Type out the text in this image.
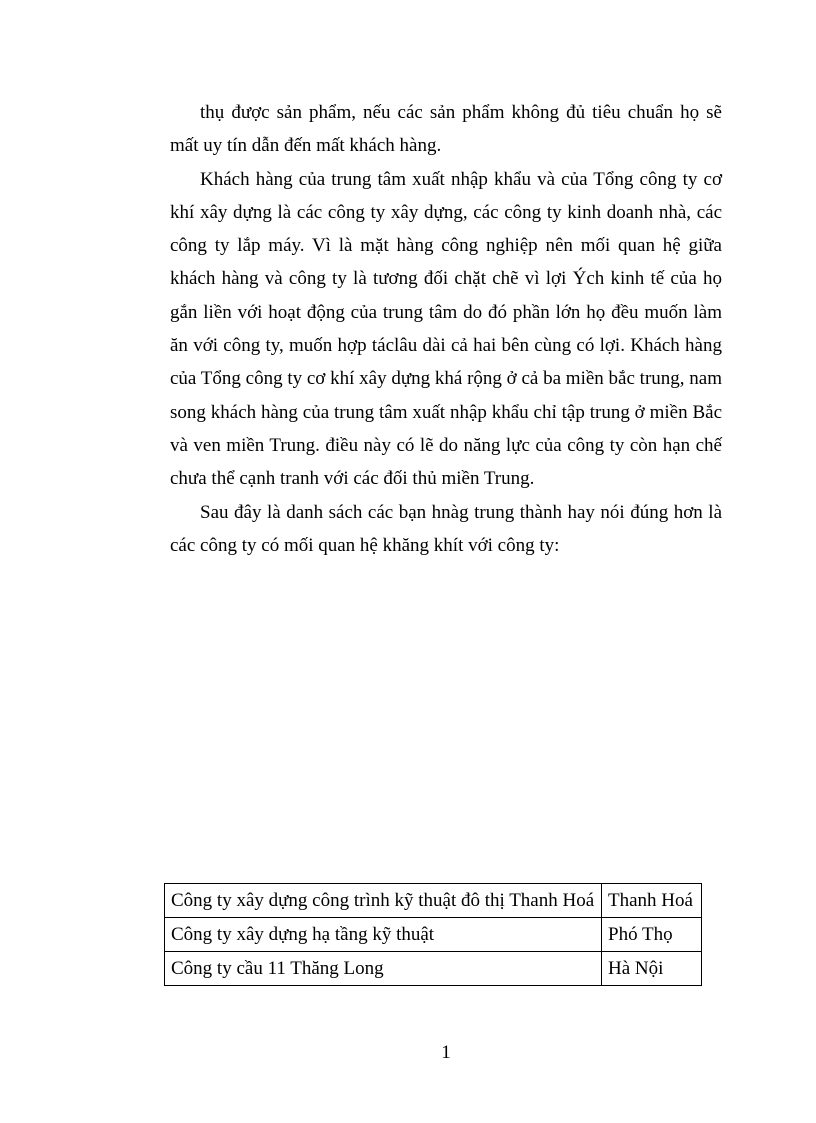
thụ được sản phẩm, nếu các sản phẩm không đủ tiêu chuẩn họ sẽ mất uy tín dẫn đến mất khách hàng.

Khách hàng của trung tâm xuất nhập khẩu và của Tổng công ty cơ khí xây dựng là các công ty xây dựng, các công ty kinh doanh nhà, các công ty lắp máy. Vì là mặt hàng công nghiệp nên mối quan hệ giữa khách hàng và công ty là tương đối chặt chẽ vì lợi Ých kinh tế của họ gắn liền với hoạt động của trung tâm do đó phần lớn họ đều muốn làm ăn với công ty, muốn hợp táclâu dài cả hai bên cùng có lợi. Khách hàng của Tổng công ty cơ khí xây dựng khá rộng ở cả ba miền bắc trung, nam song khách hàng của trung tâm xuất nhập khẩu chỉ tập trung ở miền Bắc và ven miền Trung. điều này có lẽ do năng lực của công ty còn hạn chế chưa thể cạnh tranh với các đối thủ miền Trung.

Sau đây là danh sách các bạn hnàg trung thành hay nói đúng hơn là các công ty có mối quan hệ khăng khít với công ty:

Công ty xây dựng công trình kỹ thuật đô thị Thanh Hoá	Thanh Hoá
Công ty xây dựng hạ tầng kỹ thuật	Phó Thọ
Công ty cầu 11 Thăng Long	Hà Nội
1
